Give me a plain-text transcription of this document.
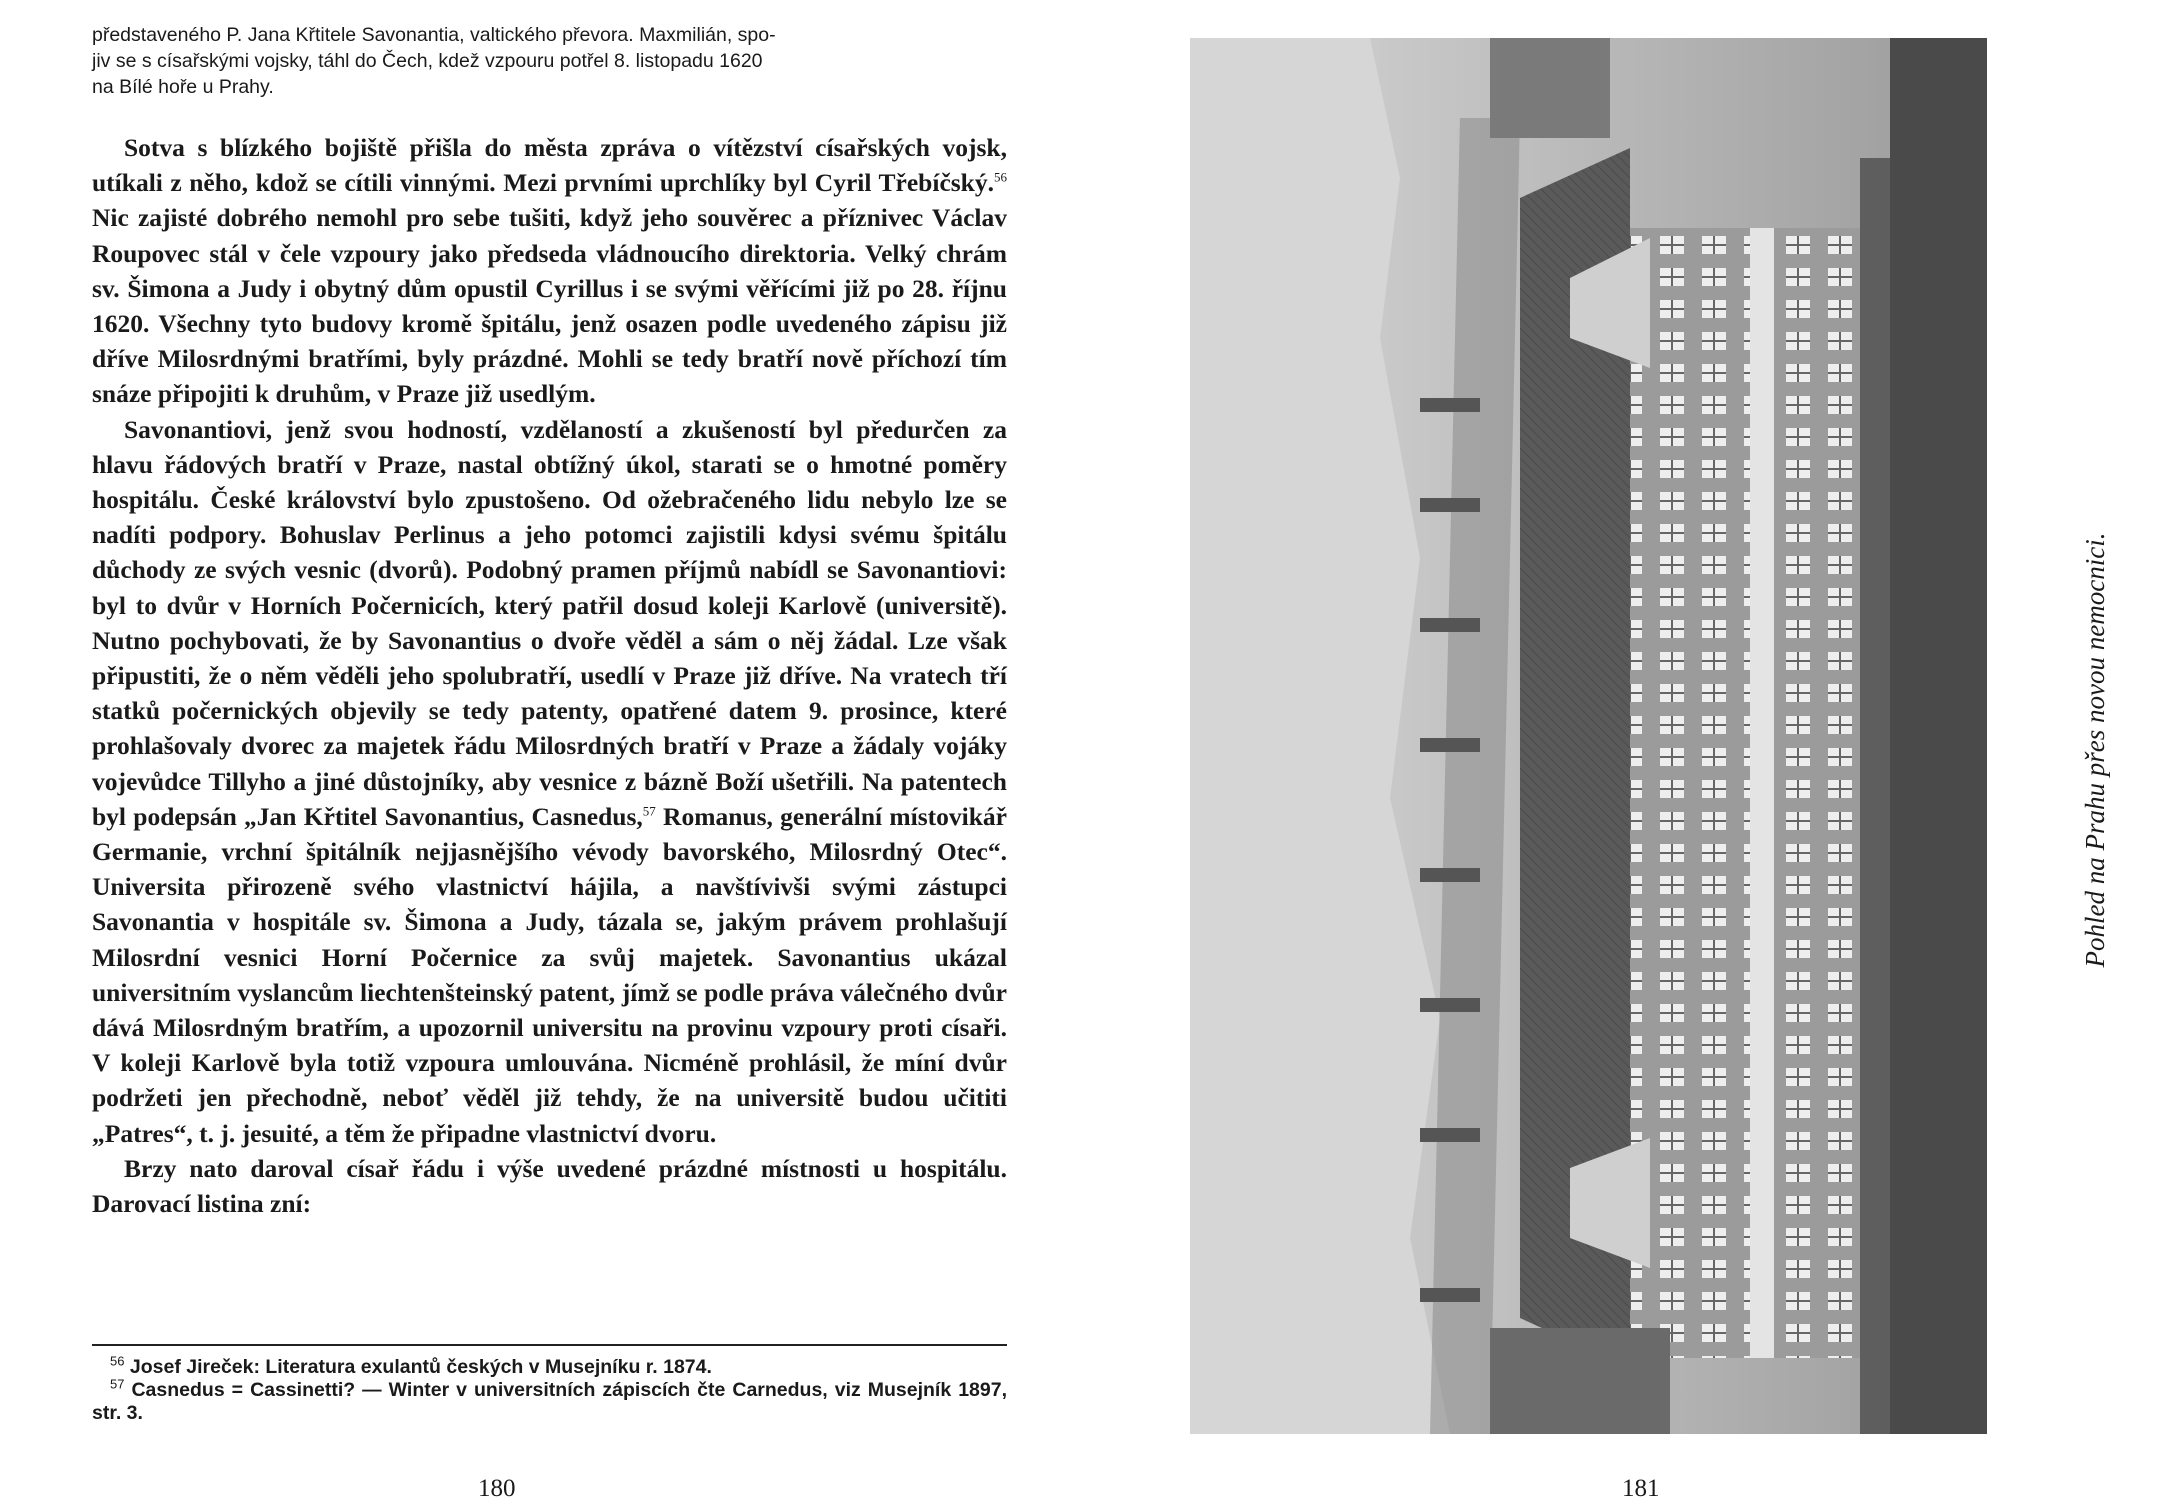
představeného P. Jana Křtitele Savonantia, valtického převora. Maxmilián, spo-
jiv se s císařskými vojsky, táhl do Čech, kdež vzpouru potřel 8. listopadu 1620
na Bílé hoře u Prahy.

Sotva s blízkého bojiště přišla do města zpráva o vítězství císařských vojsk, utíkali z něho, kdož se cítili vinnými. Mezi prvními uprchlíky byl Cyril Třebíčský.$^{56}$ Nic zajisté dobrého nemohl pro sebe tušiti, když jeho souvěrec a příznivec Václav Roupovec stál v čele vzpoury jako předseda vládnoucího direktoria. Velký chrám sv. Šimona a Judy i obytný dům opustil Cyrillus i se svými věřícími již po 28. říjnu 1620. Všechny tyto budovy kromě špitálu, jenž osazen podle uvedeného zápisu již dříve Milosrdnými bratřími, byly prázdné. Mohli se tedy bratří nově příchozí tím snáze připojiti k druhům, v Praze již usedlým.

Savonantiovi, jenž svou hodností, vzdělaností a zkušeností byl předurčen za hlavu řádových bratří v Praze, nastal obtížný úkol, starati se o hmotné poměry hospitálu. České království bylo zpustošeno. Od ožebračeného lidu nebylo lze se nadíti podpory. Bohuslav Perlinus a jeho potomci zajistili kdysi svému špitálu důchody ze svých vesnic (dvorů). Podobný pramen příjmů nabídl se Savonantiovi: byl to dvůr v Horních Počernicích, který patřil dosud koleji Karlově (universitě). Nutno pochybovati, že by Savonantius o dvoře věděl a sám o něj žádal. Lze však připustiti, že o něm věděli jeho spolubratří, usedlí v Praze již dříve. Na vratech tří statků počernických objevily se tedy patenty, opatřené datem 9. prosince, které prohlašovaly dvorec za majetek řádu Milosrdných bratří v Praze a žádaly vojáky vojevůdce Tillyho a jiné důstojníky, aby vesnice z bázně Boží ušetřili. Na patentech byl podepsán „Jan Křtitel Savonantius, Casnedus,$^{57}$ Romanus, generální místovikář Germanie, vrchní špitálník nejjasnějšího vévody bavorského, Milosrdný Otec“. Universita přirozeně svého vlastnictví hájila, a navštívivši svými zástupci Savonantia v hospitále sv. Šimona a Judy, tázala se, jakým právem prohlašují Milosrdní vesnici Horní Počernice za svůj majetek. Savonantius ukázal universitním vyslancům liechtenšteinský patent, jímž se podle práva válečného dvůr dává Milosrdným bratřím, a upozornil universitu na provinu vzpoury proti císaři. V koleji Karlově byla totiž vzpoura umlouvána. Nicméně prohlásil, že míní dvůr podržeti jen přechodně, neboť věděl již tehdy, že na universitě budou učititi „Patres“, t. j. jesuité, a těm že připadne vlastnictví dvoru.

Brzy nato daroval císař řádu i výše uvedené prázdné místnosti u hospitálu. Darovací listina zní:

$^{56}$ Josef Jireček: Literatura exulantů českých v Musejníku r. 1874.

$^{57}$ Casnedus = Cassinetti? — Winter v universitních zápiscích čte Carnedus, viz Musejník 1897, str. 3.

180	181
Pohled na Prahu přes novou nemocnici.
